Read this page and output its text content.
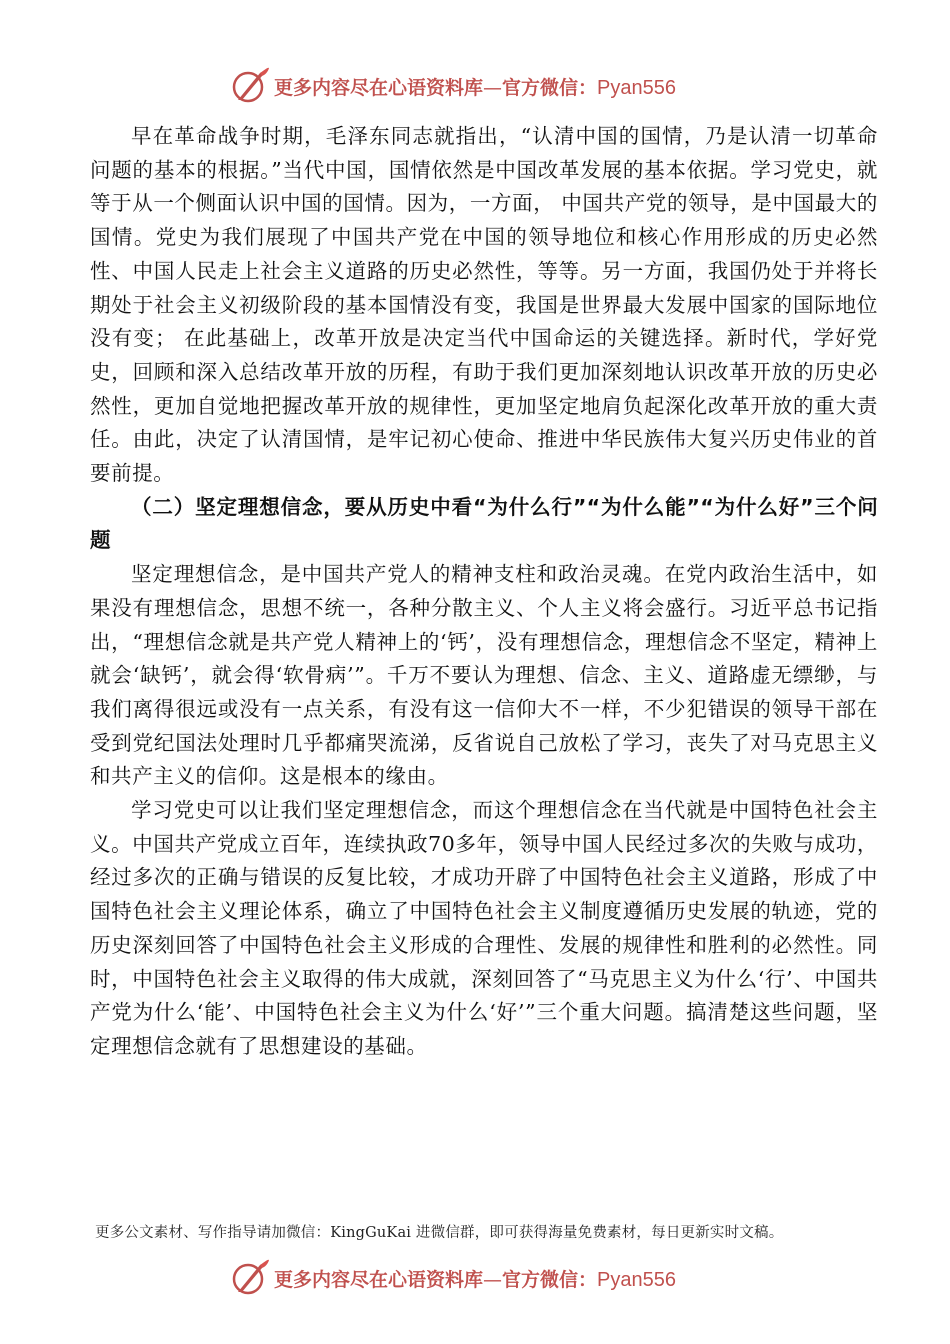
更多内容尽在心语资料库—官方微信：Pyan556

早在革命战争时期，毛泽东同志就指出，“认清中国的国情，乃是认清一切革命问题的基本的根据。”当代中国，国情依然是中国改革发展的基本依据。学习党史，就等于从一个侧面认识中国的国情。因为，一方面， 中国共产党的领导，是中国最大的国情。党史为我们展现了中国共产党在中国的领导地位和核心作用形成的历史必然性、中国人民走上社会主义道路的历史必然性，等等。另一方面，我国仍处于并将长期处于社会主义初级阶段的基本国情没有变，我国是世界最大发展中国家的国际地位没有变； 在此基础上，改革开放是决定当代中国命运的关键选择。新时代，学好党史，回顾和深入总结改革开放的历程，有助于我们更加深刻地认识改革开放的历史必然性，更加自觉地把握改革开放的规律性，更加坚定地肩负起深化改革开放的重大责任。由此，决定了认清国情，是牢记初心使命、推进中华民族伟大复兴历史伟业的首要前提。

（二）坚定理想信念，要从历史中看“为什么行”“为什么能”“为什么好”三个问题

坚定理想信念，是中国共产党人的精神支柱和政治灵魂。在党内政治生活中，如果没有理想信念，思想不统一，各种分散主义、个人主义将会盛行。习近平总书记指出，“理想信念就是共产党人精神上的‘钙’，没有理想信念，理想信念不坚定，精神上就会‘缺钙’，就会得‘软骨病’”。千万不要认为理想、信念、主义、道路虚无缥缈，与我们离得很远或没有一点关系，有没有这一信仰大不一样，不少犯错误的领导干部在受到党纪国法处理时几乎都痛哭流涕，反省说自己放松了学习，丧失了对马克思主义和共产主义的信仰。这是根本的缘由。

学习党史可以让我们坚定理想信念，而这个理想信念在当代就是中国特色社会主义。中国共产党成立百年，连续执政70多年，领导中国人民经过多次的失败与成功，经过多次的正确与错误的反复比较，才成功开辟了中国特色社会主义道路，形成了中国特色社会主义理论体系，确立了中国特色社会主义制度遵循历史发展的轨迹，党的历史深刻回答了中国特色社会主义形成的合理性、发展的规律性和胜利的必然性。同时，中国特色社会主义取得的伟大成就，深刻回答了“马克思主义为什么‘行’、中国共产党为什么‘能’、中国特色社会主义为什么‘好’”三个重大问题。搞清楚这些问题，坚定理想信念就有了思想建设的基础。

更多公文素材、写作指导请加微信：KingGuKai 进微信群，即可获得海量免费素材，每日更新实时文稿。
更多内容尽在心语资料库—官方微信：Pyan556
